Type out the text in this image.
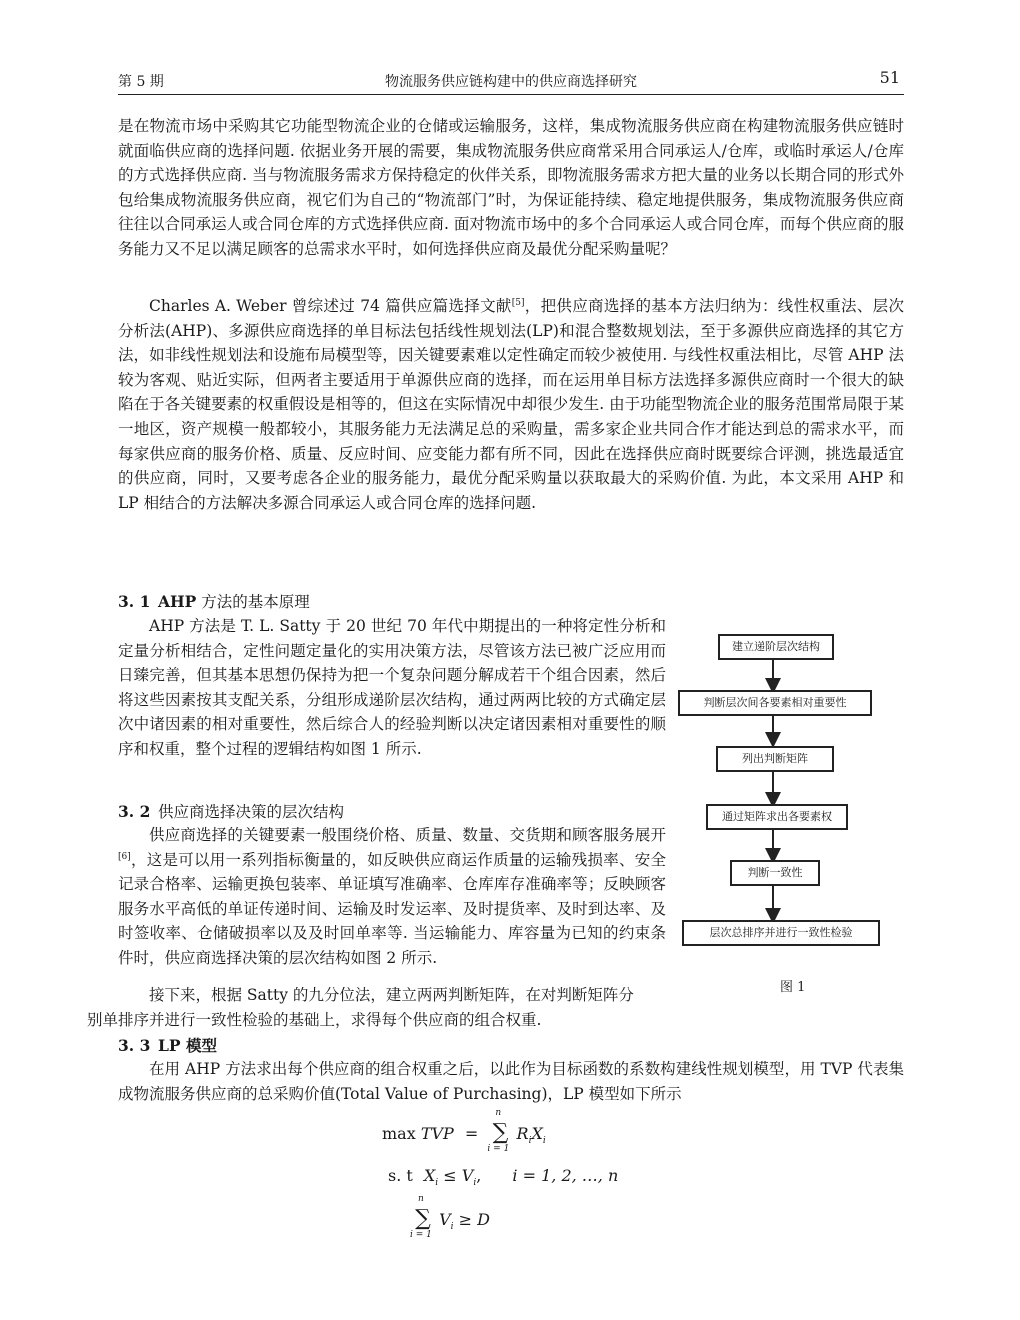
第 5 期	物流服务供应链构建中的供应商选择研究	51

是在物流市场中采购其它功能型物流企业的仓储或运输服务，这样，集成物流服务供应商在构建物流服务供应链时就面临供应商的选择问题. 依据业务开展的需要，集成物流服务供应商常采用合同承运人/仓库，或临时承运人/仓库的方式选择供应商. 当与物流服务需求方保持稳定的伙伴关系，即物流服务需求方把大量的业务以长期合同的形式外包给集成物流服务供应商，视它们为自己的“物流部门”时，为保证能持续、稳定地提供服务，集成物流服务供应商往往以合同承运人或合同仓库的方式选择供应商. 面对物流市场中的多个合同承运人或合同仓库，而每个供应商的服务能力又不足以满足顾客的总需求水平时，如何选择供应商及最优分配采购量呢？

Charles A. Weber 曾综述过 74 篇供应篇选择文献[5]，把供应商选择的基本方法归纳为：线性权重法、层次分析法(AHP)、多源供应商选择的单目标法包括线性规划法(LP)和混合整数规划法，至于多源供应商选择的其它方法，如非线性规划法和设施布局模型等，因关键要素难以定性确定而较少被使用. 与线性权重法相比，尽管 AHP 法较为客观、贴近实际，但两者主要适用于单源供应商的选择，而在运用单目标方法选择多源供应商时一个很大的缺陷在于各关键要素的权重假设是相等的，但这在实际情况中却很少发生. 由于功能型物流企业的服务范围常局限于某一地区，资产规模一般都较小，其服务能力无法满足总的采购量，需多家企业共同合作才能达到总的需求水平，而每家供应商的服务价格、质量、反应时间、应变能力都有所不同，因此在选择供应商时既要综合评测，挑选最适宜的供应商，同时，又要考虑各企业的服务能力，最优分配采购量以获取最大的采购价值. 为此，本文采用 AHP 和 LP 相结合的方法解决多源合同承运人或合同仓库的选择问题.

3. 1 AHP 方法的基本原理

AHP 方法是 T. L. Satty 于 20 世纪 70 年代中期提出的一种将定性分析和定量分析相结合，定性问题定量化的实用决策方法，尽管该方法已被广泛应用而日臻完善，但其基本思想仍保持为把一个复杂问题分解成若干个组合因素，然后将这些因素按其支配关系，分组形成递阶层次结构，通过两两比较的方式确定层次中诸因素的相对重要性，然后综合人的经验判断以决定诸因素相对重要性的顺序和权重，整个过程的逻辑结构如图 1 所示.

3. 2 供应商选择决策的层次结构

供应商选择的关键要素一般围绕价格、质量、数量、交货期和顾客服务展开[6]，这是可以用一系列指标衡量的，如反映供应商运作质量的运输残损率、安全记录合格率、运输更换包装率、单证填写准确率、仓库库存准确率等；反映顾客服务水平高低的单证传递时间、运输及时发运率、及时提货率、及时到达率、及时签收率、仓储破损率以及及时回单率等. 当运输能力、库容量为已知的约束条件时，供应商选择决策的层次结构如图 2 所示.

接下来，根据 Satty 的九分位法，建立两两判断矩阵，在对判断矩阵分
别单排序并进行一致性检验的基础上，求得每个供应商的组合权重.
3. 3 LP 模型

在用 AHP 方法求出每个供应商的组合权重之后，以此作为目标函数的系数构建线性规划模型，用 TVP 代表集成物流服务供应商的总采购价值(Total Value of Purchasing)，LP 模型如下所示

建立递阶层次结构
判断层次间各要素相对重要性
列出判断矩阵
通过矩阵求出各要素权
判断一致性
层次总排序并进行一致性检验
图 1
max TVP =
n
∑
i = 1
$R_iX_i$
s. t $X_i \le V_i$, i = 1, 2, …, n
n
∑
i = 1
$V_i \ge D$
